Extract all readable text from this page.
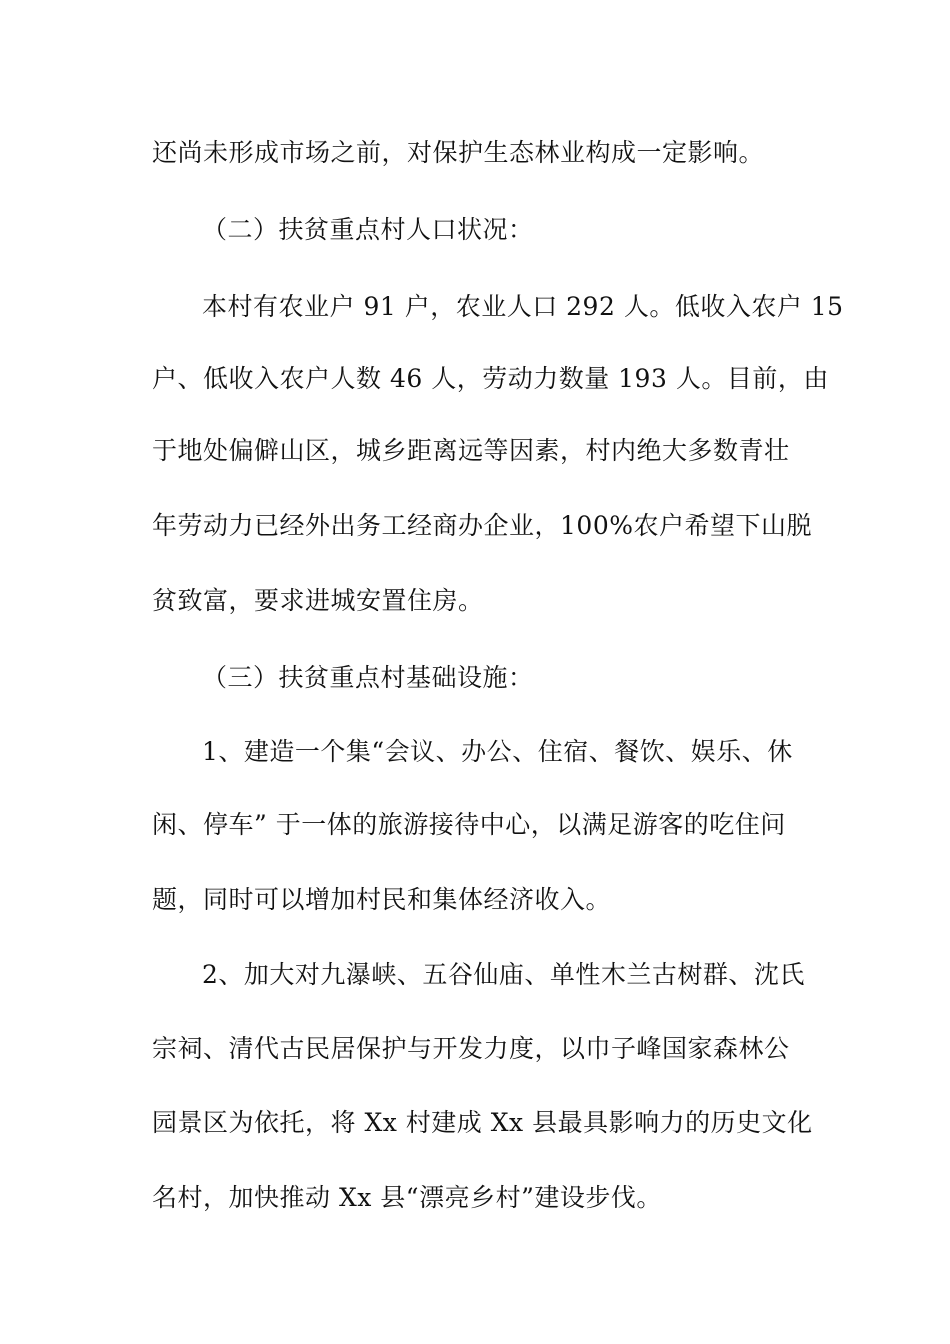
还尚未形成市场之前，对保护生态林业构成一定影响。
（二）扶贫重点村人口状况：
本村有农业户 91 户，农业人口 292 人。低收入农户 15
户、低收入农户人数 46 人，劳动力数量 193 人。目前，由
于地处偏僻山区，城乡距离远等因素，村内绝大多数青壮
年劳动力已经外出务工经商办企业，100%农户希望下山脱
贫致富，要求进城安置住房。
（三）扶贫重点村基础设施：
1、建造一个集“会议、办公、住宿、餐饮、娱乐、休
闲、停车” 于一体的旅游接待中心，以满足游客的吃住问
题，同时可以增加村民和集体经济收入。
2、加大对九瀑峡、五谷仙庙、单性木兰古树群、沈氏
宗祠、清代古民居保护与开发力度，以巾子峰国家森林公
园景区为依托，将 Xx 村建成 Xx 县最具影响力的历史文化
名村，加快推动 Xx 县“漂亮乡村”建设步伐。
